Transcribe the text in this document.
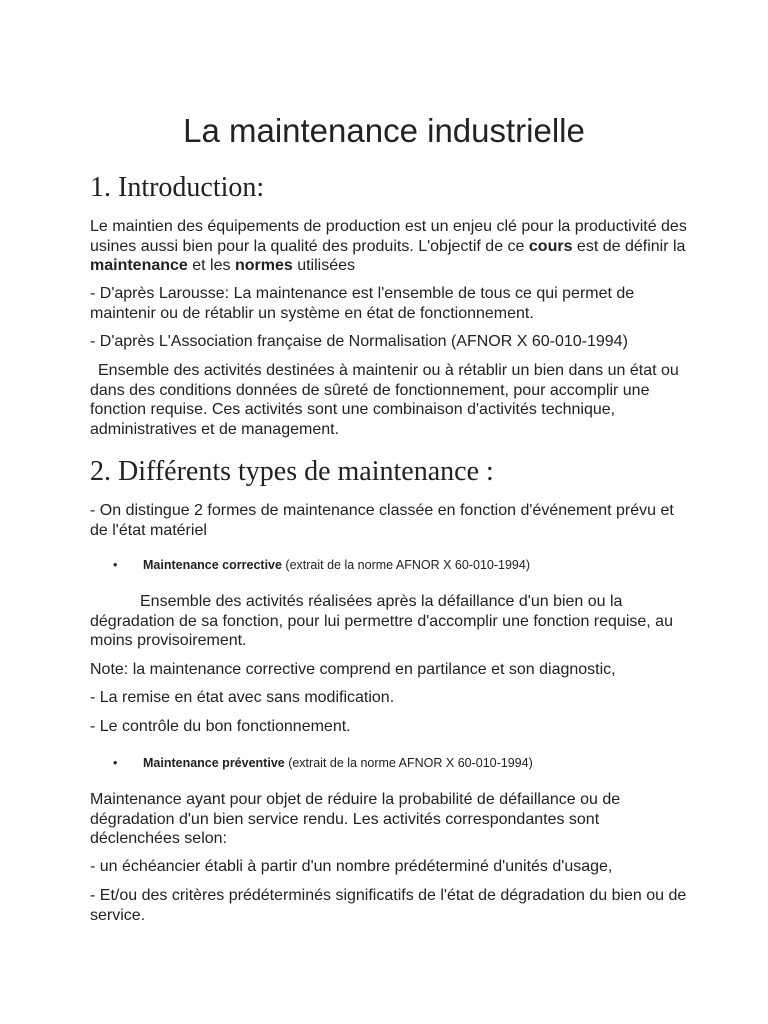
La maintenance industrielle
1. Introduction:

Le maintien des équipements de production est un enjeu clé pour la productivité des usines aussi bien pour la qualité des produits. L'objectif de ce cours est de définir la maintenance et les normes utilisées

- D'après Larousse: La maintenance est l'ensemble de tous ce qui permet de maintenir ou de rétablir un système en état de fonctionnement.

- D'après L'Association française de Normalisation (AFNOR X 60-010-1994)

Ensemble des activités destinées à maintenir ou à rétablir un bien dans un état ou dans des conditions données de sûreté de fonctionnement, pour accomplir une fonction requise. Ces activités sont une combinaison d'activités technique, administratives et de management.

2. Différents types de maintenance :

- On distingue 2 formes de maintenance classée en fonction d'événement prévu et de l'état matériel

• Maintenance corrective (extrait de la norme AFNOR X 60-010-1994)

Ensemble des activités réalisées après la défaillance d'un bien ou la dégradation de sa fonction, pour lui permettre d'accomplir une fonction requise, au moins provisoirement.

Note: la maintenance corrective comprend en partilance et son diagnostic,

- La remise en état avec sans modification.

- Le contrôle du bon fonctionnement.

• Maintenance préventive (extrait de la norme AFNOR X 60-010-1994)

Maintenance ayant pour objet de réduire la probabilité de défaillance ou de dégradation d'un bien service rendu. Les activités correspondantes sont déclenchées selon:

- un échéancier établi à partir d'un nombre prédéterminé d'unités d'usage,

- Et/ou des critères prédéterminés significatifs de l'état de dégradation du bien ou de service.
